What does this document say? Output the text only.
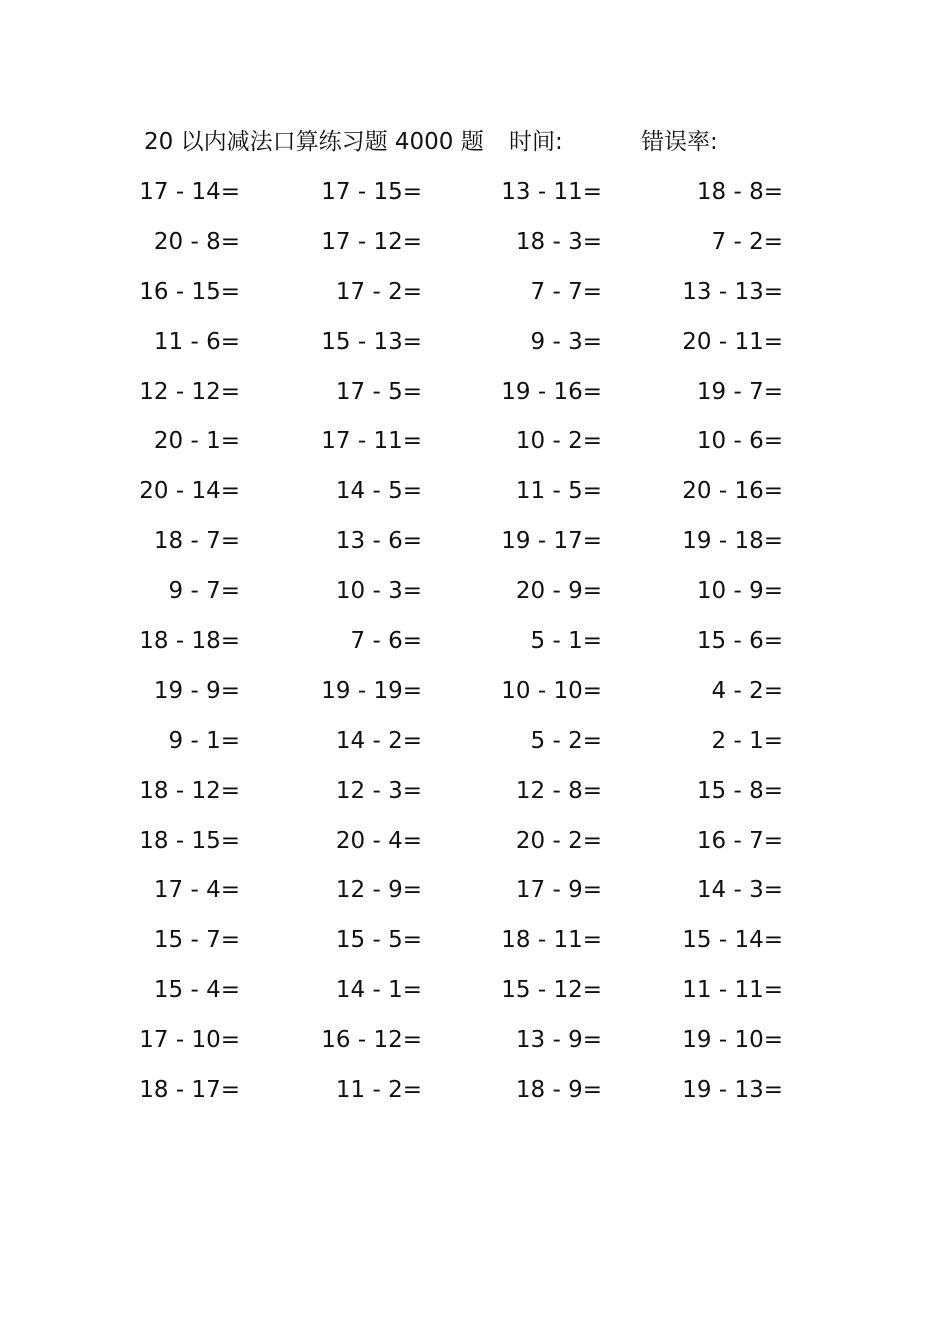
20 以内减法口算练习题 4000 题 时间:	错误率:
17 - 14=	17 - 15=	13 - 11=	18 - 8=
20 - 8=	17 - 12=	18 - 3=	7 - 2=
16 - 15=	17 - 2=	7 - 7=	13 - 13=
11 - 6=	15 - 13=	9 - 3=	20 - 11=
12 - 12=	17 - 5=	19 - 16=	19 - 7=
20 - 1=	17 - 11=	10 - 2=	10 - 6=
20 - 14=	14 - 5=	11 - 5=	20 - 16=
18 - 7=	13 - 6=	19 - 17=	19 - 18=
9 - 7=	10 - 3=	20 - 9=	10 - 9=
18 - 18=	7 - 6=	5 - 1=	15 - 6=
19 - 9=	19 - 19=	10 - 10=	4 - 2=
9 - 1=	14 - 2=	5 - 2=	2 - 1=
18 - 12=	12 - 3=	12 - 8=	15 - 8=
18 - 15=	20 - 4=	20 - 2=	16 - 7=
17 - 4=	12 - 9=	17 - 9=	14 - 3=
15 - 7=	15 - 5=	18 - 11=	15 - 14=
15 - 4=	14 - 1=	15 - 12=	11 - 11=
17 - 10=	16 - 12=	13 - 9=	19 - 10=
18 - 17=	11 - 2=	18 - 9=	19 - 13=
